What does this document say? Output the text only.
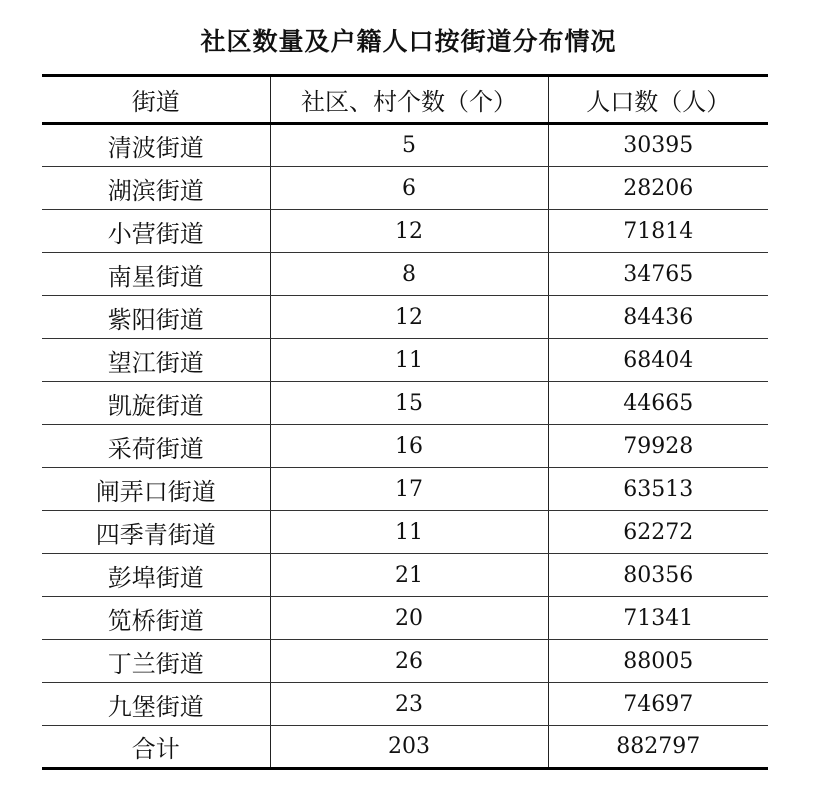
社区数量及户籍人口按街道分布情况
街道	社区、村个数（个）	人口数（人）
清波街道	5	30395
湖滨街道	6	28206
小营街道	12	71814
南星街道	8	34765
紫阳街道	12	84436
望江街道	11	68404
凯旋街道	15	44665
采荷街道	16	79928
闸弄口街道	17	63513
四季青街道	11	62272
彭埠街道	21	80356
笕桥街道	20	71341
丁兰街道	26	88005
九堡街道	23	74697
合计	203	882797
